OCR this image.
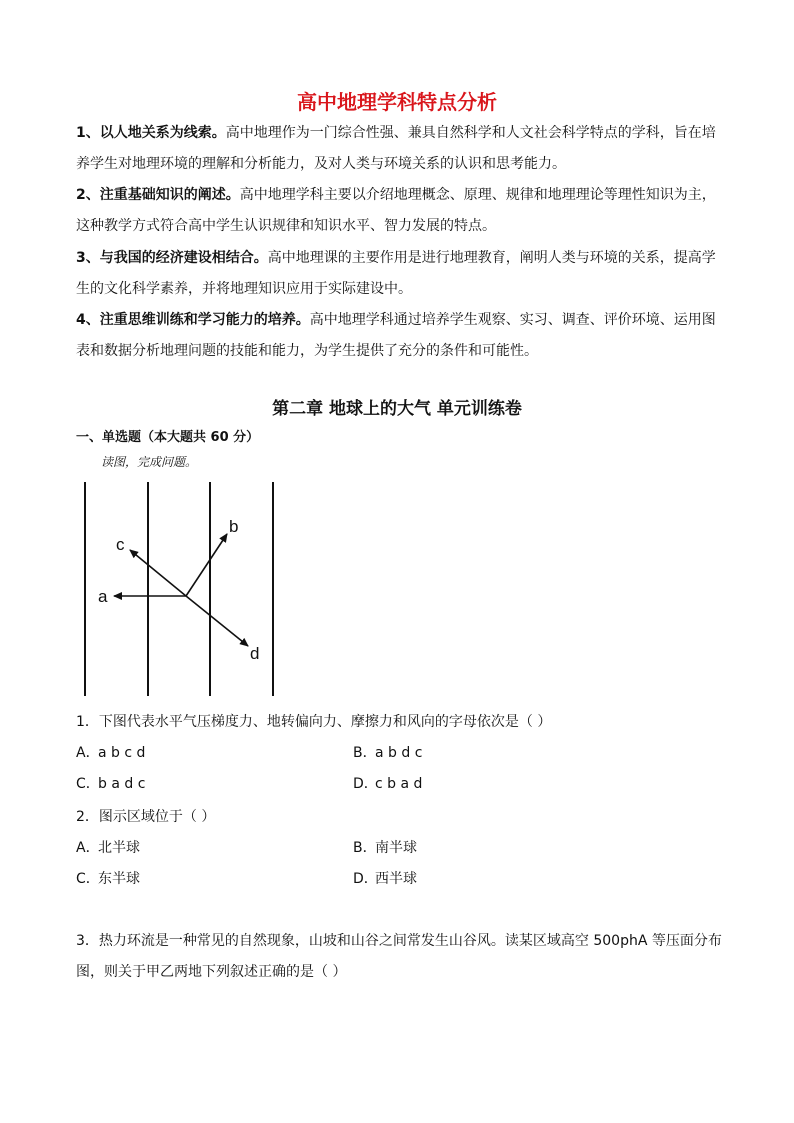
高中地理学科特点分析

1、以人地关系为线索。高中地理作为一门综合性强、兼具自然科学和人文社会科学特点的学科，旨在培养学生对地理环境的理解和分析能力，及对人类与环境关系的认识和思考能力。

2、注重基础知识的阐述。高中地理学科主要以介绍地理概念、原理、规律和地理理论等理性知识为主，这种教学方式符合高中学生认识规律和知识水平、智力发展的特点。

3、与我国的经济建设相结合。高中地理课的主要作用是进行地理教育，阐明人类与环境的关系，提高学生的文化科学素养，并将地理知识应用于实际建设中。

4、注重思维训练和学习能力的培养。高中地理学科通过培养学生观察、实习、调查、评价环境、运用图表和数据分析地理问题的技能和能力，为学生提供了充分的条件和可能性。

第二章 地球上的大气 单元训练卷

一、单选题（本大题共 60 分）

读图，完成问题。

a
b
c
d

1．下图代表水平气压梯度力、地转偏向力、摩擦力和风向的字母依次是（ ）

A．a b c d	B．a b d c

C．b a d c	D．c b a d

2．图示区域位于（ ）

A．北半球	B．南半球

C．东半球	D．西半球

3．热力环流是一种常见的自然现象，山坡和山谷之间常发生山谷风。读某区域高空 500phA 等压面分布图，则关于甲乙两地下列叙述正确的是（ ）
